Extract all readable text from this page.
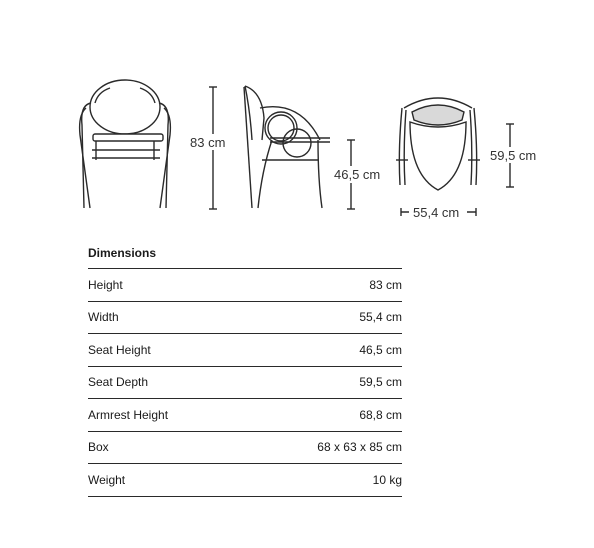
83 cm
46,5 cm
55,4 cm
59,5 cm
Dimensions
Height	83 cm
Width	55,4 cm
Seat Height	46,5 cm
Seat Depth	59,5 cm
Armrest Height	68,8 cm
Box	68 x 63 x 85 cm
Weight	10 kg
